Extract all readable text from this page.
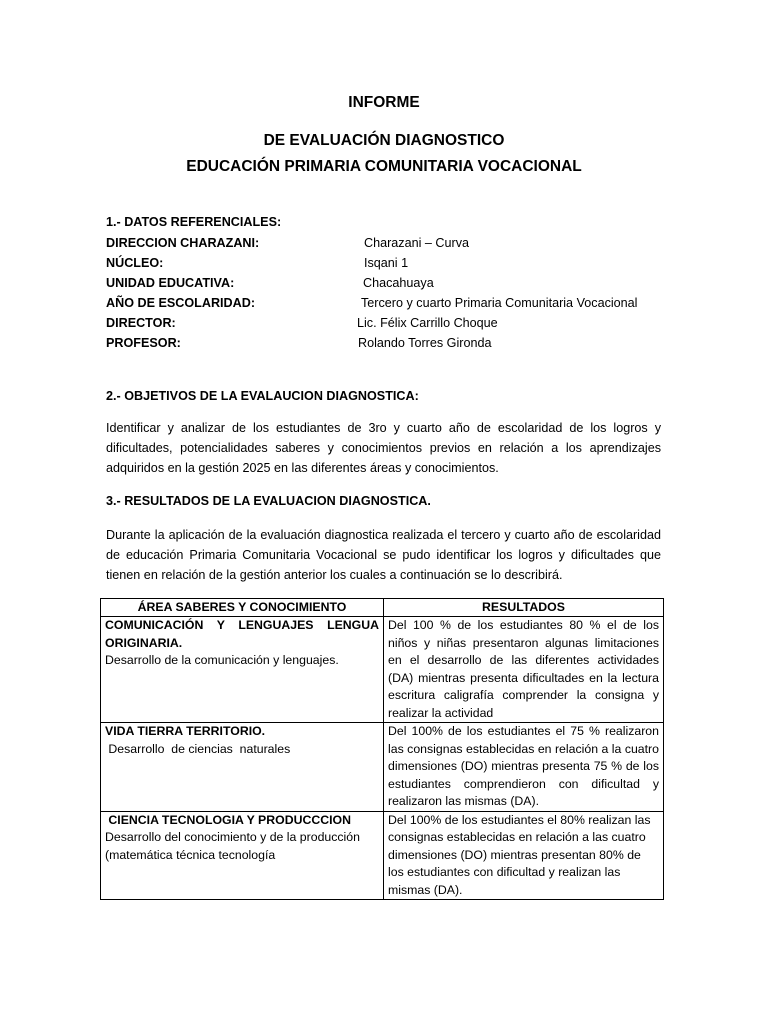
INFORME
DE EVALUACIÓN DIAGNOSTICO
EDUCACIÓN PRIMARIA COMUNITARIA VOCACIONAL
1.- DATOS REFERENCIALES:
DIRECCION CHARAZANI:	Charazani – Curva
NÚCLEO:	Isqani 1
UNIDAD EDUCATIVA:	Chacahuaya
AÑO DE ESCOLARIDAD:	Tercero y cuarto Primaria Comunitaria Vocacional
DIRECTOR:	Lic. Félix Carrillo Choque
PROFESOR:	Rolando Torres Gironda
2.- OBJETIVOS DE LA EVALAUCION DIAGNOSTICA:
Identificar y analizar de los estudiantes de 3ro y cuarto año de escolaridad de los logros y dificultades, potencialidades saberes y conocimientos previos en relación a los aprendizajes adquiridos en la gestión 2025 en las diferentes áreas y conocimientos.
3.- RESULTADOS DE LA EVALUACION DIAGNOSTICA.
Durante la aplicación de la evaluación diagnostica realizada el tercero y cuarto año de escolaridad de educación Primaria Comunitaria Vocacional se pudo identificar los logros y dificultades que tienen en relación de la gestión anterior los cuales a continuación se lo describirá.
ÁREA SABERES Y CONOCIMIENTO	RESULTADOS

COMUNICACIÓN Y LENGUAJES LENGUA ORIGINARIA.
Desarrollo de la comunicación y lenguajes.	Del 100 % de los estudiantes 80 % el de los niños y niñas presentaron algunas limitaciones en el desarrollo de las diferentes actividades (DA) mientras presenta dificultades en la lectura escritura caligrafía comprender la consigna y realizar la actividad

VIDA TIERRA TERRITORIO.
Desarrollo  de ciencias  naturales	Del 100% de los estudiantes el 75 % realizaron las consignas establecidas en relación a la cuatro dimensiones (DO) mientras presenta 75 % de los estudiantes comprendieron con dificultad y realizaron las mismas (DA).

CIENCIA TECNOLOGIA Y PRODUCCCION
Desarrollo del conocimiento y de la producción (matemática técnica tecnología	Del 100% de los estudiantes el 80% realizan las consignas establecidas en relación a las cuatro dimensiones (DO) mientras presentan 80% de los estudiantes con dificultad y realizan las mismas (DA).
